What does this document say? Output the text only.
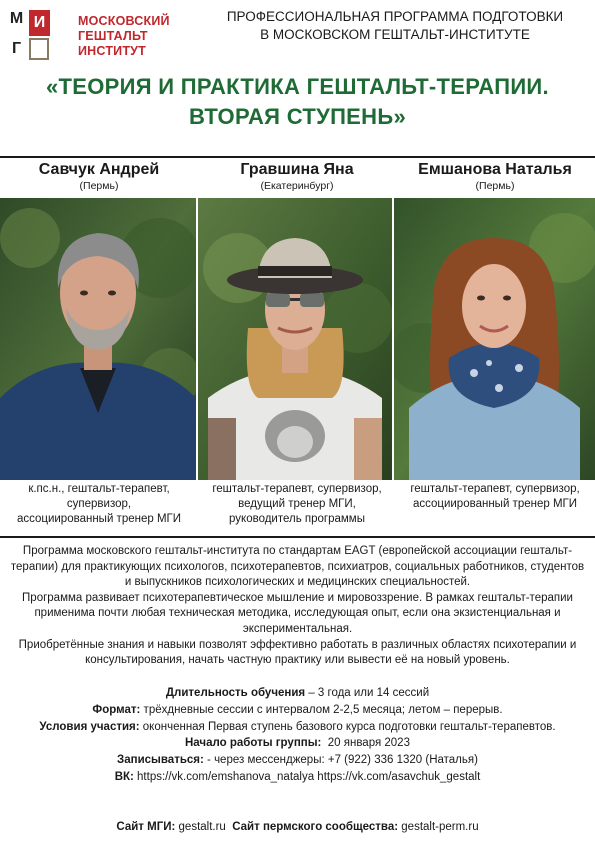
М И
Г
МОСКОВСКИЙ
ГЕШТАЛЬТ ИНСТИТУТ
ПРОФЕССИОНАЛЬНАЯ ПРОГРАММА ПОДГОТОВКИ
В МОСКОВСКОМ ГЕШТАЛЬТ-ИНСТИТУТЕ
«ТЕОРИЯ И ПРАКТИКА ГЕШТАЛЬТ-ТЕРАПИИ.
ВТОРАЯ СТУПЕНЬ»
Савчук Андрей
(Пермь)
Гравшина Яна
(Екатеринбург)
Емшанова Наталья
(Пермь)
к.пс.н., гештальт-терапевт,
супервизор,
ассоциированный тренер МГИ
гештальт-терапевт, супервизор,
ведущий тренер МГИ,
руководитель программы
гештальт-терапевт, супервизор,
ассоциированный тренер МГИ

Программа московского гештальт-института по стандартам EAGT (европейской ассоциации гештальт-терапии) для практикующих психологов, психотерапевтов, психиатров, социальных работников, студентов и выпускников психологических и медицинских специальностей.

Программа развивает психотерапевтическое мышление и мировоззрение. В рамках гештальт-терапии применима почти любая техническая методика, исследующая опыт, если она экзистенциальная и экспериментальная.

Приобретённые знания и навыки позволят эффективно работать в различных областях психотерапии и консультирования, начать частную практику или вывести её на новый уровень.

Длительность обучения – 3 года или 14 сессий

Формат: трёхдневные сессии с интервалом 2-2,5 месяца; летом – перерыв.

Условия участия: оконченная Первая ступень базового курса подготовки гештальт-терапевтов.

Начало работы группы:  20 января 2023

Записываться: - через мессенджеры: +7 (922) 336 1320 (Наталья)

ВК: https://vk.com/emshanova_natalya https://vk.com/asavchuk_gestalt

Сайт МГИ: gestalt.ru Сайт пермского сообщества: gestalt-perm.ru
